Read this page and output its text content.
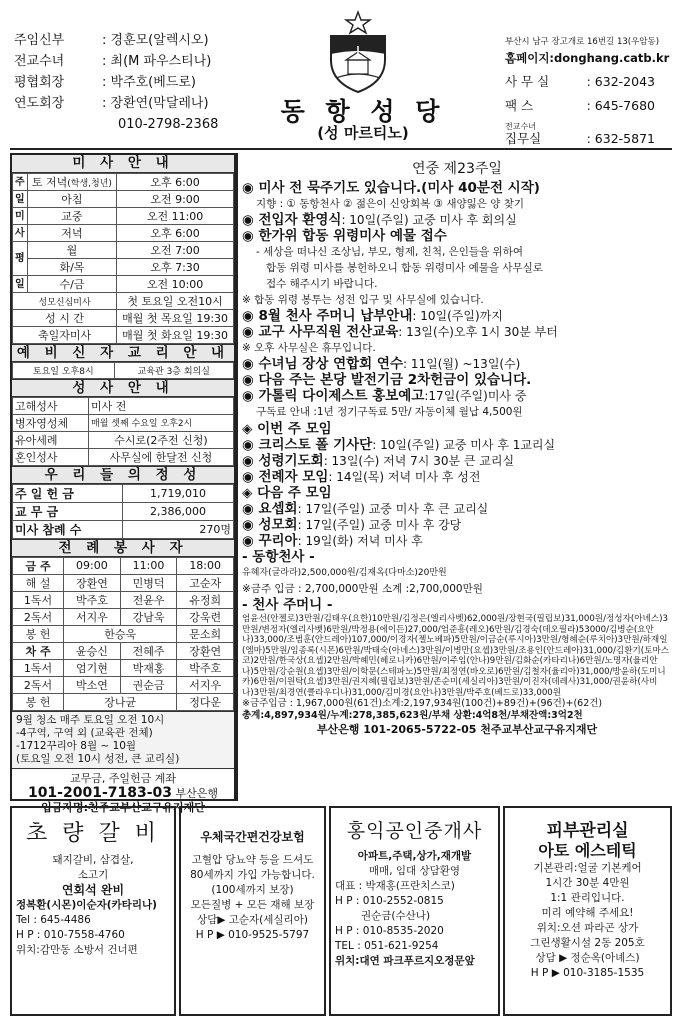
주임신부	: 경훈모(알렉시오)
전교수녀	: 최(M 파우스티나)
평협회장	: 박주호(베드로)
연도회장	: 장환연(막달레나)
010-2798-2368 동 항 성 당
(성 마르티노)
부산시 남구 장고개로 16번길 13(우암동)
홈페이지:donghang.catb.kr
사 무 실	: 632-2043
팩 스	: 645-7680
전교수녀
집무실	: 632-5871
미 사 안 내
주	토 저녁(학생,청년)	오후 6:00
일	아침	오전 9:00
미	교중	오전 11:00
사	저녁	오후 6:00
평	월	오전 7:00
	화/목	오후 7:30
일	수/금	오전 10:00
성모신심미사		첫 토요일 오전10시
성 시 간		매월 첫 목요일 19:30
축일자미사		매월 첫 화요일 19:30
예 비 신 자 교 리 안 내
토요일 오후8시	교육관 3층 회의실
성 사 안 내
고해성사	미사 전
병자영성체	매월 셋째 수요일 오후2시
유아세례	수시로(2주전 신청)
혼인성사	사무실에 한달전 신청
우 리 들 의 정 성
주 일 헌 금	1,719,010
교 무 금	2,386,000
미사 참례 수	270명
전 례 봉 사 자
금 주	09:00	11:00	18:00
해 설	장환연	민병덕	고순자
1독서	박주호	전윤우	유정희
2독서	서지우	강남욱	강욱련
봉 헌	한승욱		문소희
차 주	윤승신	전혜주	장환연
1독서	엄기현	박재홍	박주호
2독서	박소연	권순금	서지우
봉 헌	장나균		정다운
9월 청소 매주 토요일 오전 10시
-4구역, 구역 외 (교육관 전체)
-1712꾸리아 8월 ~ 10월
(토요일 오전 10시 성전, 큰 교리실)
교무금, 주일헌금 계좌
101-2001-7183-03 부산은행
입금자명:천주교부산교구유지재단
연중 제23주일

◉ 미사 전 묵주기도 있습니다.(미사 40분전 시작)

지향 : ① 동항천사 ② 젊은이 신앙회복 ③ 새양잃은 양 찾기

◉ 전입자 환영식: 10일(주일) 교중 미사 후 회의실

◉ 한가위 합동 위령미사 예물 접수

- 세상을 떠나신 조상님, 부모, 형제, 친척, 은인들을 위하여

합동 위령 미사를 봉헌하오니 합동 위령미사 예물을 사무실로

접수 해주시기 바랍니다.

※ 합동 위령 봉투는 성전 입구 및 사무실에 있습니다.

◉ 8월 천사 주머니 납부안내: 10일(주일)까지

◉ 교구 사무직원 전산교육: 13일(수)오후 1시 30분 부터

※ 오후 사무실은 휴무입니다.

◉ 수녀님 장상 연합회 연수: 11일(월) ~13일(수)

◉ 다음 주는 본당 발전기금 2차헌금이 있습니다.

◉ 가톨릭 다이제스트 홍보예고:17일(주일)미사 중

구독료 안내 :1년 정기구독료 5만/ 자동이체 월납 4,500원

◈ 이번 주 모임

◉ 크리스토 폴 기사단: 10일(주일) 교중 미사 후 1교리실

◉ 성령기도회: 13일(수) 저녁 7시 30분 큰 교리실

◉ 전례자 모임: 14일(목) 저녁 미사 후 성전

◈ 다음 주 모임

◉ 요셉회: 17일(주일) 교중 미사 후 큰 교리실

◉ 성모회: 17일(주일) 교중 미사 후 강당

◉ 꾸리아: 19일(화) 저녁 미사 후

- 동항천사 -

유혜자(글라라)2,500,000원/김재옥(다마소)20만원

※금주 입금 : 2,700,000만원 소계 :2,700,000만원

- 천사 주머니 -

엄윤선(안젤로)3만원/김태우(요한)10만원/김정은(엘리사벳)62,000원/장현국(필립보)31,000원/정성자(아녜스)3만원/변정자(엘리사벳)6만원/박정용(에이든)27,000/엄준흥(레오)6만원/김경숙(데오필라)53000/김병순(요안나)33,000/조범훈(안드레아)107,000/이경자(젤노베파)5만원/이금순(루시아)3만원/형혜순(루치아)3만원/하재일(엠마)5만원/임종록(시몬)6만원/박태숙(아녜스)3만원/이병만(요셉)3만원/조용인(안드레아)31,000/김환기(토마스코)2만원/한국상(요셉)2만원/박혜민(헤로니카)6만원/이주임(안나)9만원/김화순(카타리나)6만원/노명자(율리안나)5만원/강순원(요셉)3만원/이학문(스테파노)5만원/최정연(바오로)6만원/김철자(율리아)31,000/방윤하(도미니카)6만원/이원탁(요셉)3만원/권지혜(필립보)3만원/존순미(세실리아)3만원/이진자(데레사)31,000/권윤하(사비나)3만원/최경연(클라우디나)31,000/김미경(요안나)3만원/박주호(베드로)33,000원

※금주입금 : 1,967,000원(61건)소계:2,197,934원(100건)+89건)+(96건)+(62건)

총계:4,897,934원/누계:278,385,623원/부채 상환:4억8천/부채잔액:3억2천

부산은행 101-2065-5722-05 천주교부산교구유지재단

초 량 갈 비
돼지갈비, 삼겹살,
소고기
연회석 완비
정복환(시몬)이순자(카타리나)
Tel : 645-4486
H P : 010-7558-4760
위치:감만동 소방서 건너편
우체국간편건강보험
고혈압 당뇨약 등을 드셔도
80세까지 가입 가능합니다.
(100세까지 보장)
모든질병 + 모든 재해 보장
상담▶ 고순자(세실리아)
H P ▶ 010-9525-5797
홍익공인중개사
아파트,주택,상가,재개발
매매, 임대 상담환영
대표 : 박재홍(프란치스코)
H P : 010-2552-0815
권순금(수산나)
H P : 010-8535-2020
TEL : 051-621-9254
위치:대연 파크푸르지오정문앞
피부관리실
아토 에스테틱
기본관리:얼굴 기본케어
1시간 30분 4만원
1:1 관리입니다.
미리 예약해 주세요!
위치:오션 파라곤 상가
그린생활시설 2동 205호
상담 ▶ 정순옥(아녜스)
H P ▶ 010-3185-1535
